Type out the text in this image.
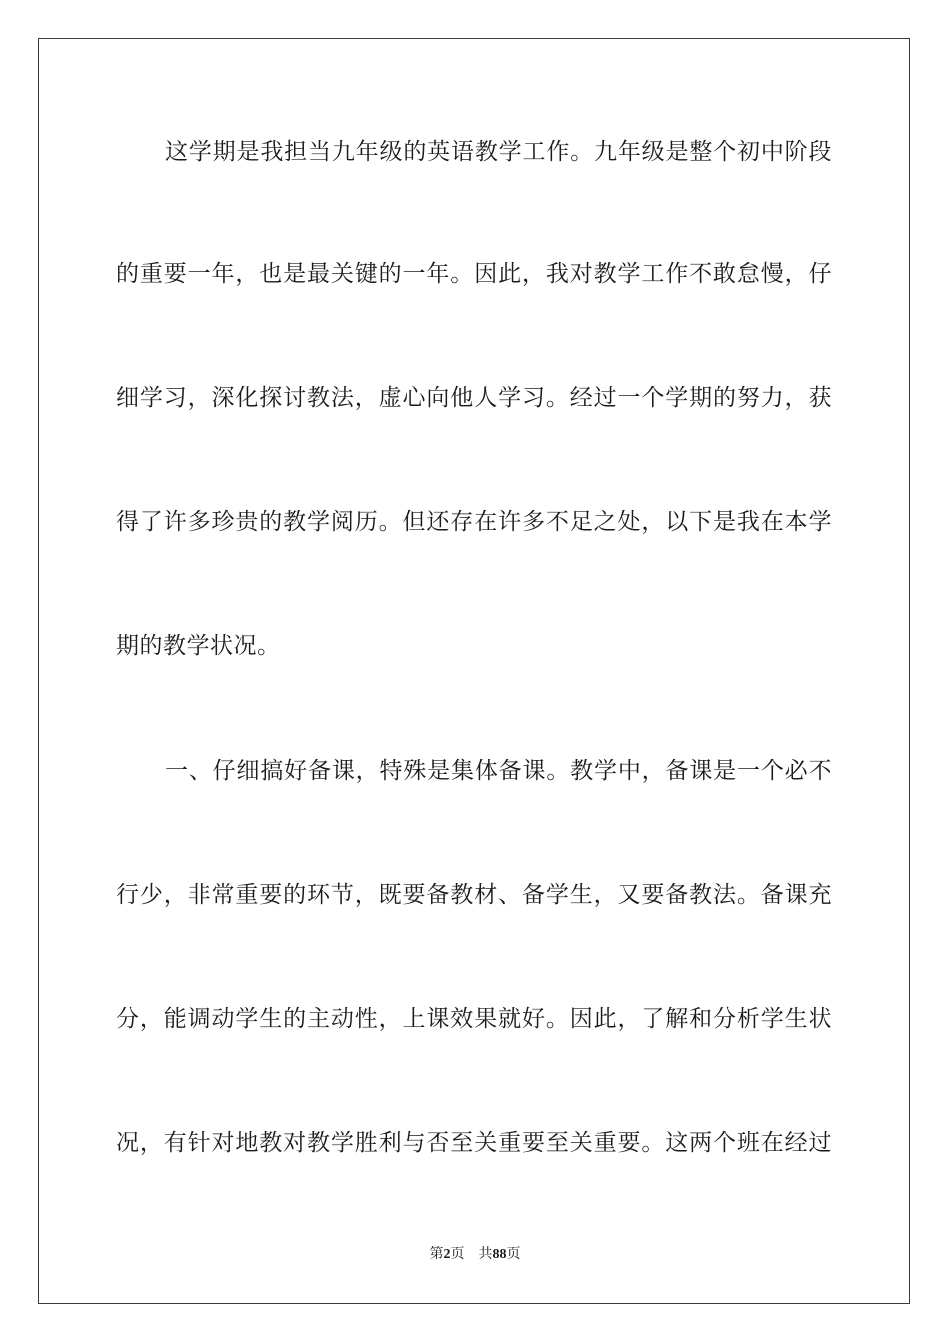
这学期是我担当九年级的英语教学工作。九年级是整个初中阶段
的重要一年，也是最关键的一年。因此，我对教学工作不敢怠慢，仔
细学习，深化探讨教法，虚心向他人学习。经过一个学期的努力，获
得了许多珍贵的教学阅历。但还存在许多不足之处，以下是我在本学
期的教学状况。
一、仔细搞好备课，特殊是集体备课。教学中，备课是一个必不
行少，非常重要的环节，既要备教材、备学生，又要备教法。备课充
分，能调动学生的主动性，上课效果就好。因此，了解和分析学生状
况，有针对地教对教学胜利与否至关重要至关重要。这两个班在经过
第2页 共88页
